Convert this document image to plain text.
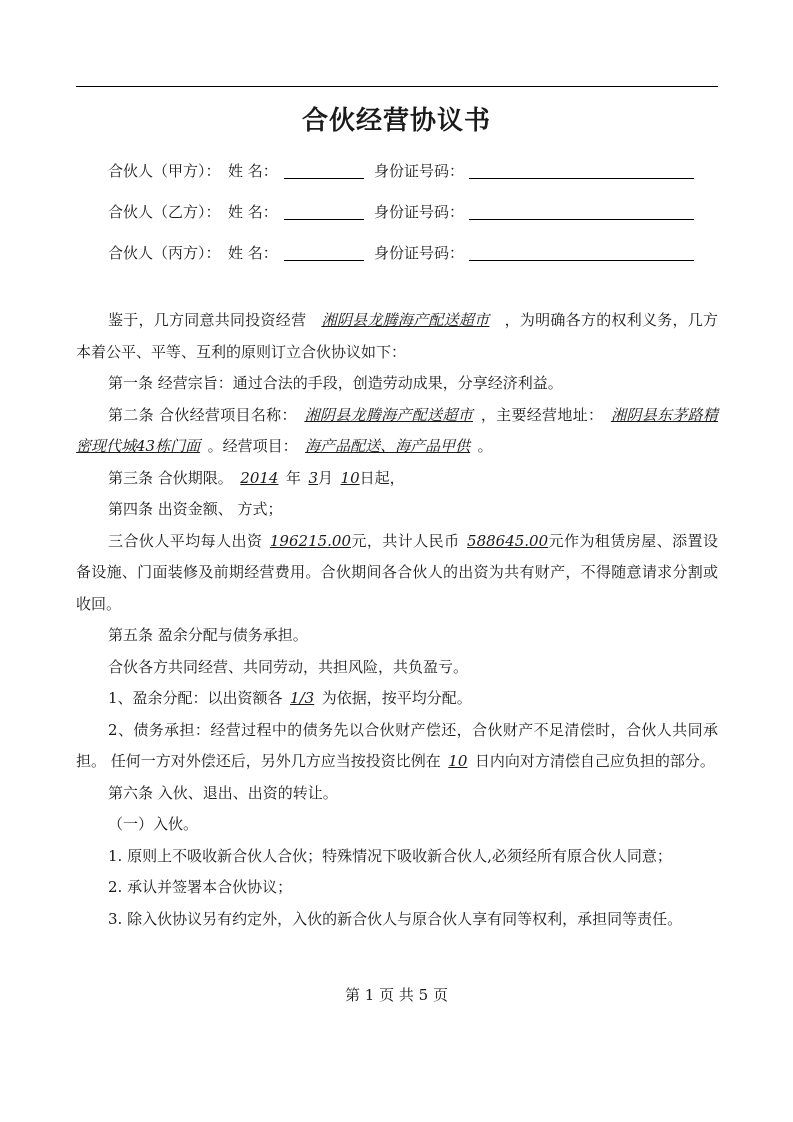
合伙经营协议书
合伙人（甲方）： 姓 名：	身份证号码：
合伙人（乙方）： 姓 名：	身份证号码：
合伙人（丙方）： 姓 名：	身份证号码：

鉴于，几方同意共同投资经营  湘阴县龙腾海产配送超市  ，为明确各方的权利义务，几方本着公平、平等、互利的原则订立合伙协议如下：

第一条 经营宗旨：通过合法的手段，创造劳动成果，分享经济利益。

第二条 合伙经营项目名称：  湘阴县龙腾海产配送超市  ，主要经营地址：  湘阴县东茅路精密现代城43栋门面  。经营项目：  海产品配送、海产品甲供  。

第三条 合伙期限。  2014  年  3月  10日起，

第四条 出资金额、 方式；

三合伙人平均每人出资  196215.00元，共计人民币  588645.00元作为租赁房屋、添置设备设施、门面装修及前期经营费用。合伙期间各合伙人的出资为共有财产，不得随意请求分割或收回。

第五条 盈余分配与债务承担。

合伙各方共同经营、共同劳动，共担风险，共负盈亏。

1、盈余分配：以出资额各  1/3  为依据，按平均分配。

2、债务承担：经营过程中的债务先以合伙财产偿还，合伙财产不足清偿时，合伙人共同承担。 任何一方对外偿还后，另外几方应当按投资比例在  10  日内向对方清偿自己应负担的部分。

第六条 入伙、退出、出资的转让。

（一）入伙。

1. 原则上不吸收新合伙人合伙；特殊情况下吸收新合伙人,必须经所有原合伙人同意；

2. 承认并签署本合伙协议；

3. 除入伙协议另有约定外，入伙的新合伙人与原合伙人享有同等权利，承担同等责任。

第 1 页 共 5 页
